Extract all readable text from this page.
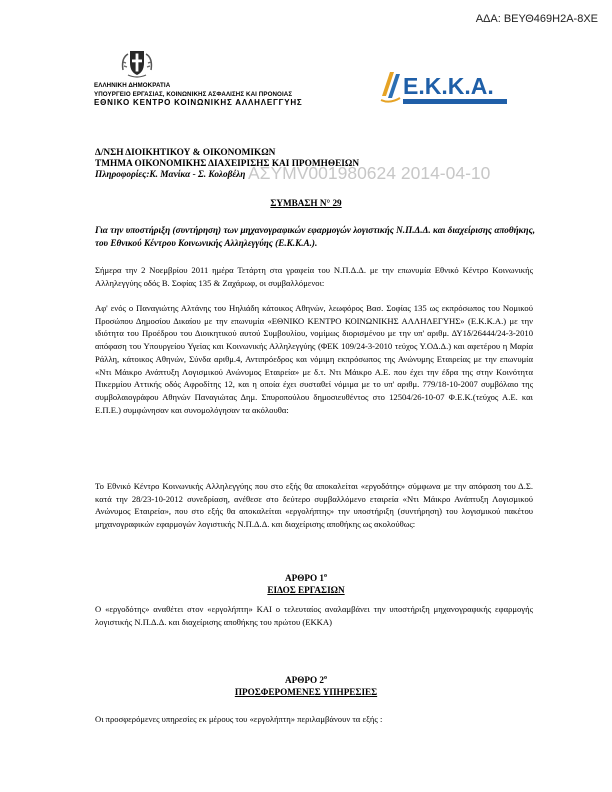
ΑΔΑ: ΒΕΥΘ469Η2Α-8ΧΕ
ΕΛΛΗΝΙΚΗ ΔΗΜΟΚΡΑΤΙΑ
ΥΠΟΥΡΓΕΙΟ ΕΡΓΑΣΙΑΣ, ΚΟΙΝΩΝΙΚΗΣ ΑΣΦΑΛΙΣΗΣ ΚΑΙ ΠΡΟΝΟΙΑΣ
ΕΘΝΙΚΟ ΚΕΝΤΡΟ ΚΟΙΝΩΝΙΚΗΣ ΑΛΛΗΛΕΓΓΥΗΣ
Ε.Κ.Κ.Α.
Δ/ΝΣΗ ΔΙΟΙΚΗΤΙΚΟΥ & ΟΙΚΟΝΟΜΙΚΩΝ
ΤΜΗΜΑ ΟΙΚΟΝΟΜΙΚΗΣ ΔΙΑΧΕΙΡΙΣΗΣ ΚΑΙ ΠΡΟΜΗΘΕΙΩΝ
Πληροφορίες:Κ. Μανίκα - Σ. Κολοβέλη ΑΣΥΜV001980624 2014-04-10
ΣΥΜΒΑΣΗ Ν° 29
Για την υποστήριξη (συντήρηση) των μηχανογραφικών εφαρμογών λογιστικής Ν.Π.Δ.Δ. και διαχείρισης αποθήκης, του Εθνικού Κέντρου Κοινωνικής Αλληλεγγύης (Ε.Κ.Κ.Α.).

Σήμερα την 2 Νοεμβρίου 2011 ημέρα Τετάρτη στα γραφεία του Ν.Π.Δ.Δ. με την επωνυμία Εθνικό Κέντρο Κοινωνικής Αλληλεγγύης οδός Β. Σοφίας 135 & Ζαχάρωφ, οι συμβαλλόμενοι:

Αφ' ενός ο Παναγιώτης Αλτάνης του Ηηλιάδη κάτοικος Αθηνών, λεωφόρος Βασ. Σοφίας 135 ως εκπρόσωπος του Νομικού Προσώπου Δημοσίου Δικαίου με την επωνυμία «ΕΘΝΙΚΟ ΚΕΝΤΡΟ ΚΟΙΝΩΝΙΚΗΣ ΑΛΛΗΛΕΓΥΗΣ» (Ε.Κ.Κ.Α.) με την ιδιότητα του Προέδρου του Διοικητικού αυτού Συμβουλίου, νομίμως διορισμένου με την υπ' αριθμ. ΔΥ1δ/26444/24-3-2010 απόφαση του Υπουργείου Υγείας και Κοινωνικής Αλληλεγγύης (ΦΕΚ 109/24-3-2010 τεύχος Υ.ΟΔ.Δ.) και αφετέρου η Μαρία Ράλλη, κάτοικος Αθηνών, Σύνδα αριθμ.4, Αντιπρόεδρος και νόμιμη εκπρόσωπος της Ανώνυμης Εταιρείας με την επωνυμία «Ντι Μάικρο Ανάπτυξη Λογισμικού Ανώνυμος Εταιρεία» με δ.τ. Ντι Μάικρο Α.Ε. που έχει την έδρα της στην Κοινότητα Πικερμίου Αττικής οδός Αφροδίτης 12, και η οποία έχει συσταθεί νόμιμα με το υπ' αριθμ. 779/18-10-2007 συμβόλαιο της συμβολαιογράφου Αθηνών Παναγιώτας Δημ. Σπυροπούλου δημοσιευθέντος στο 12504/26-10-07 Φ.Ε.Κ.(τεύχος Α.Ε. και Ε.Π.Ε.) συμφώνησαν και συνομολόγησαν τα ακόλουθα:

Το Εθνικό Κέντρο Κοινωνικής Αλληλεγγύης που στο εξής θα αποκαλείται «εργοδότης» σύμφωνα με την απόφαση του Δ.Σ. κατά την 28/23-10-2012 συνεδρίαση, ανέθεσε στο δεύτερο συμβαλλόμενο εταιρεία «Ντι Μάικρο Ανάπτυξη Λογισμικού Ανώνυμος Εταιρεία», που στο εξής θα αποκαλείται «εργολήπτης» την υποστήριξη (συντήρηση) του λογισμικού πακέτου μηχανογραφικών εφαρμογών λογιστικής Ν.Π.Δ.Δ. και διαχείρισης αποθήκης ως ακολούθως:

ΑΡΘΡΟ $1^o$
ΕΙΔΟΣ ΕΡΓΑΣΙΩΝ

Ο «εργοδότης» αναθέτει στον «εργολήπτη» ΚΑΙ ο τελευταίος αναλαμβάνει την υποστήριξη μηχανογραφικής εφαρμογής λογιστικής Ν.Π.Δ.Δ. και διαχείρισης αποθήκης του πρώτου (ΕΚΚΑ)

ΑΡΘΡΟ $2^o$
ΠΡΟΣΦΕΡΟΜΕΝΕΣ ΥΠΗΡΕΣΙΕΣ

Οι προσφερόμενες υπηρεσίες εκ μέρους του «εργολήπτη» περιλαμβάνουν τα εξής :
